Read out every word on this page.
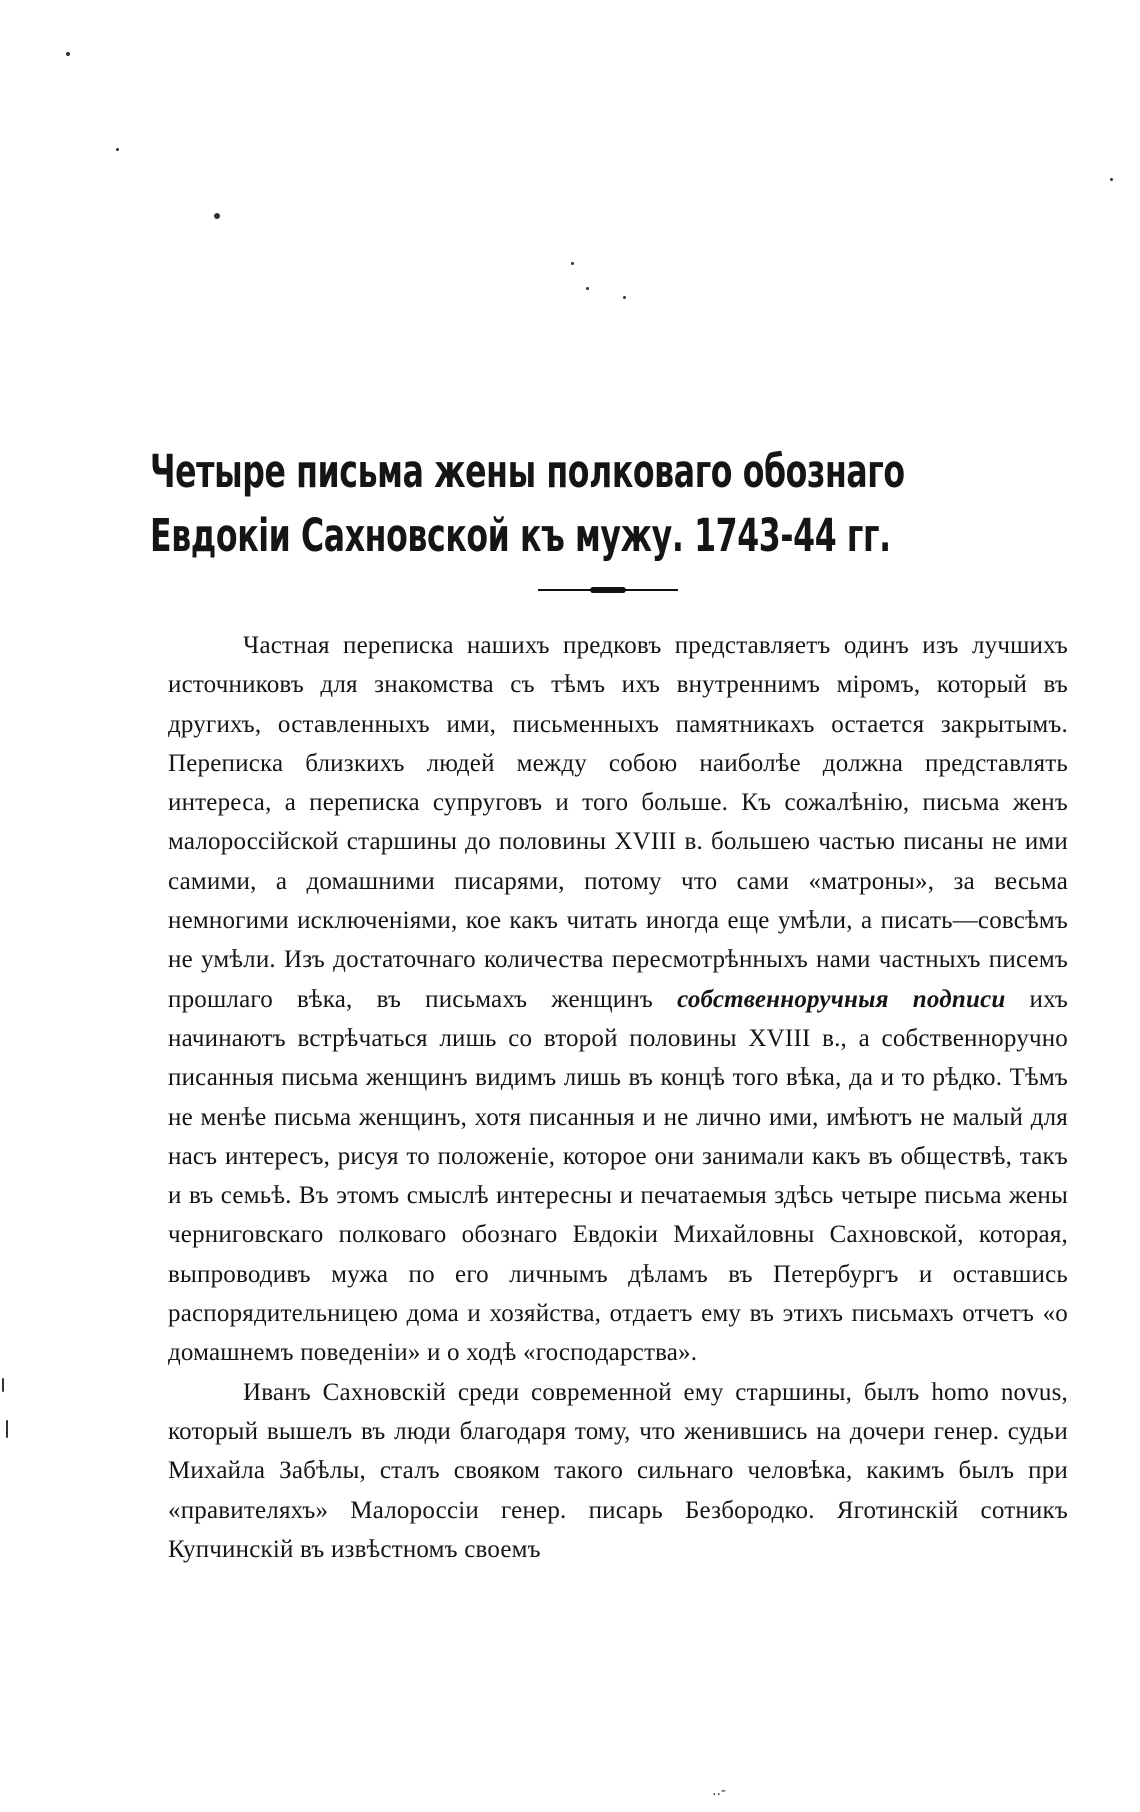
Четыре письма жены полковаго обознаго
Евдокіи Сахновской къ мужу. 1743-44 гг.

Частная переписка нашихъ предковъ представляетъ одинъ изъ лучшихъ источниковъ для знакомства съ тѣмъ ихъ внутреннимъ міромъ, который въ другихъ, оставленныхъ ими, письменныхъ памятникахъ остается закрытымъ. Переписка близкихъ людей между собою наиболѣе должна представлять интереса, а переписка супруговъ и того больше. Къ сожалѣнію, письма женъ малороссійской старшины до половины XVIII в. большею частью писаны не ими самими, а домашними писарями, потому что сами «матроны», за весьма немногими исключеніями, кое какъ читать иногда еще умѣли, а писать—совсѣмъ не умѣли. Изъ достаточнаго количества пересмотрѣнныхъ нами частныхъ писемъ прошлаго вѣка, въ письмахъ женщинъ собственноручныя подписи ихъ начинаютъ встрѣчаться лишь со второй половины XVIII в., а собственноручно писанныя письма женщинъ видимъ лишь въ концѣ того вѣка, да и то рѣдко. Тѣмъ не менѣе письма женщинъ, хотя писанныя и не лично ими, имѣютъ не малый для насъ интересъ, рисуя то положеніе, которое они занимали какъ въ обществѣ, такъ и въ семьѣ. Въ этомъ смыслѣ интересны и печатаемыя здѣсь четыре письма жены черниговскаго полковаго обознаго Евдокіи Михайловны Сахновской, которая, выпроводивъ мужа по его личнымъ дѣламъ въ Петербургъ и оставшись распорядительницею дома и хозяйства, отдаетъ ему въ этихъ письмахъ отчетъ «о домашнемъ поведеніи» и о ходѣ «господарства».

Иванъ Сахновскій среди современной ему старшины, былъ homo novus, который вышелъ въ люди благодаря тому, что женившись на дочери генер. судьи Михайла Забѣлы, сталъ свояком такого сильнаго человѣка, какимъ былъ при «правителяхъ» Малороссіи генер. писарь Безбородко. Яготинскій сотникъ Купчинскій въ извѣстномъ своемъ

..-
